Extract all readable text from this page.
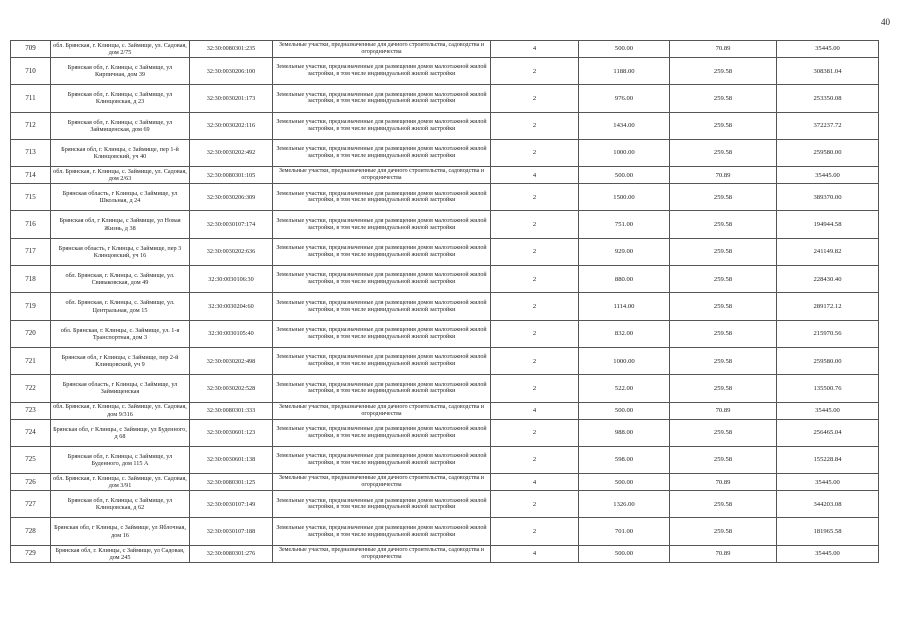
40
709	обл. Брянская, г. Клинцы, с. Займище, ул. Садовая, дом 2/75	32:30:0080301:235	Земельные участки, предназначенные для дачного строительства, садоводства и огородничества	4	500.00	70.89	35445.00
710	Брянская обл, г. Клинцы, с Займище, ул Кирпичная, дом 39	32:30:0030206:100	Земельные участки, предназначенные для размещения домов малоэтажной жилой застройки, в том числе индивидуальной жилой застройки	2	1188.00	259.58	308381.04
711	Брянская обл, г. Клинцы, с Займище, ул Клинцовская, д 23	32:30:0030201:173	Земельные участки, предназначенные для размещения домов малоэтажной жилой застройки, в том числе индивидуальной жилой застройки	2	976.00	259.58	253350.08
712	Брянская обл, г. Клинцы, с Займище, ул Займищенская, дом 69	32:30:0030202:116	Земельные участки, предназначенные для размещения домов малоэтажной жилой застройки, в том числе индивидуальной жилой застройки	2	1434.00	259.58	372237.72
713	Брянская обл, г. Клинцы, с Займище, пер 1-й Клинцовский, уч 40	32:30:0030202:492	Земельные участки, предназначенные для размещения домов малоэтажной жилой застройки, в том числе индивидуальной жилой застройки	2	1000.00	259.58	259580.00
714	обл. Брянская, г. Клинцы, с. Займище, ул. Садовая, дом 2/63	32:30:0080301:105	Земельные участки, предназначенные для дачного строительства, садоводства и огородничества	4	500.00	70.89	35445.00
715	Брянская область, г Клинцы, с Займище, ул Школьная, д 24	32:30:0030206:309	Земельные участки, предназначенные для размещения домов малоэтажной жилой застройки, в том числе индивидуальной жилой застройки	2	1500.00	259.58	389370.00
716	Брянская обл, г Клинцы, с Займище, ул Новая Жизнь, д 38	32:30:0030107:174	Земельные участки, предназначенные для размещения домов малоэтажной жилой застройки, в том числе индивидуальной жилой застройки	2	751.00	259.58	194944.58
717	Брянская область, г Клинцы, с Займище, пер 3 Клинцовский, уч 16	32:30:0030202:636	Земельные участки, предназначенные для размещения домов малоэтажной жилой застройки, в том числе индивидуальной жилой застройки	2	929.00	259.58	241149.82
718	обл. Брянская, г. Клинцы, с. Займище, ул. Свиваковская, дом 49	32:30:0030106:30	Земельные участки, предназначенные для размещения домов малоэтажной жилой застройки, в том числе индивидуальной жилой застройки	2	880.00	259.58	228430.40
719	обл. Брянская, г. Клинцы, с. Займище, ул. Центральная, дом 15	32:30:0030204:60	Земельные участки, предназначенные для размещения домов малоэтажной жилой застройки, в том числе индивидуальной жилой застройки	2	1114.00	259.58	289172.12
720	обл. Брянская, г. Клинцы, с. Займище, ул. 1-я Транспортная, дом 3	32:30:0030105:40	Земельные участки, предназначенные для размещения домов малоэтажной жилой застройки, в том числе индивидуальной жилой застройки	2	832.00	259.58	215970.56
721	Брянская обл, г Клинцы, с Займище, пер 2-й Клинцовский, уч 9	32:30:0030202:498	Земельные участки, предназначенные для размещения домов малоэтажной жилой застройки, в том числе индивидуальной жилой застройки	2	1000.00	259.58	259580.00
722	Брянская область, г Клинцы, с Займище, ул Займищенская	32:30:0030202:528	Земельные участки, предназначенные для размещения домов малоэтажной жилой застройки, в том числе индивидуальной жилой застройки	2	522.00	259.58	135500.76
723	обл. Брянская, г. Клинцы, с. Займище, ул. Садовая, дом 9/316	32:30:0080301:333	Земельные участки, предназначенные для дачного строительства, садоводства и огородничества	4	500.00	70.89	35445.00
724	Брянская обл, г Клинцы, с Займище, ул Буденного, д 68	32:30:0030601:123	Земельные участки, предназначенные для размещения домов малоэтажной жилой застройки, в том числе индивидуальной жилой застройки	2	988.00	259.58	256465.04
725	Брянская обл, г. Клинцы, с Займище, ул Буденного, дом 115 А	32:30:0030601:138	Земельные участки, предназначенные для размещения домов малоэтажной жилой застройки, в том числе индивидуальной жилой застройки	2	598.00	259.58	155228.84
726	обл. Брянская, г. Клинцы, с. Займище, ул. Садовая, дом 3/91	32:30:0080301:125	Земельные участки, предназначенные для дачного строительства, садоводства и огородничества	4	500.00	70.89	35445.00
727	Брянская обл, г. Клинцы, с Займище, ул Клинцовская, д 62	32:30:0030107:149	Земельные участки, предназначенные для размещения домов малоэтажной жилой застройки, в том числе индивидуальной жилой застройки	2	1326.00	259.58	344203.08
728	Брянская обл, г Клинцы, с Займище, ул Яблочная, дом 16	32:30:0030107:188	Земельные участки, предназначенные для размещения домов малоэтажной жилой застройки, в том числе индивидуальной жилой застройки	2	701.00	259.58	181965.58
729	Брянская обл, г. Клинцы, с Займище, ул Садовая, дом 245	32:30:0080301:276	Земельные участки, предназначенные для дачного строительства, садоводства и огородничества	4	500.00	70.89	35445.00
